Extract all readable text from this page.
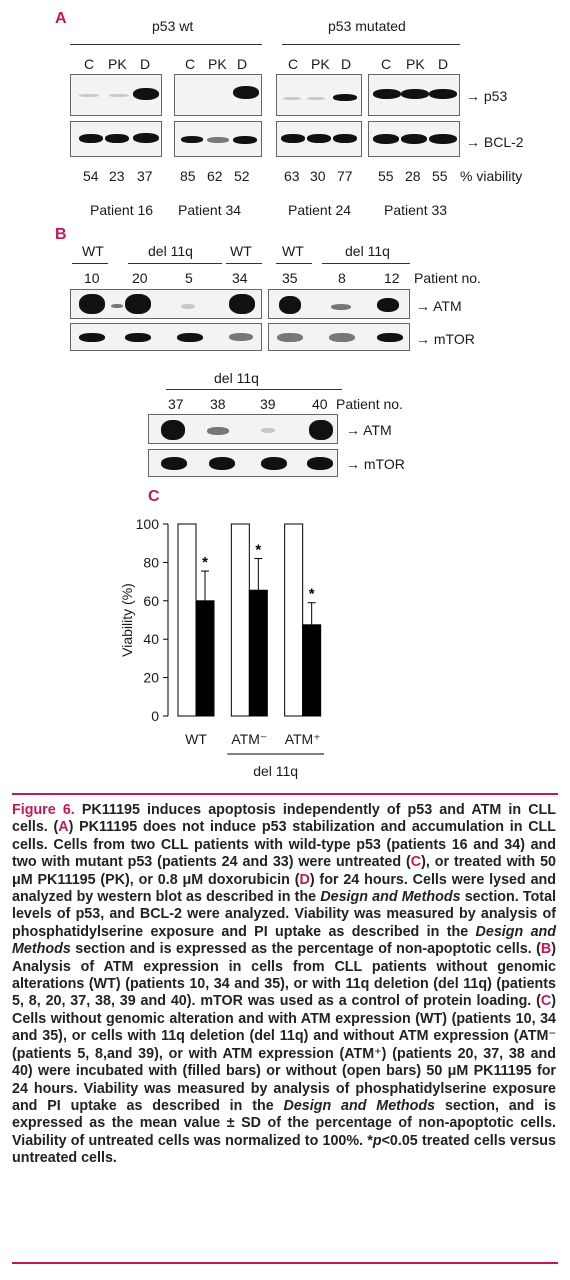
A	p53 wt	p53 mutated
C PK D C PK D	C PK D C PK D
→ p53
→ BCL-2
54 23 37 85 62 52 63 30 77 55 28 55 % viability
Patient 16 Patient 34	Patient 24 Patient 33
B
WT	del 11q	WT WT	del 11q
10 20	5	34 35	8	12 Patient no.
→ ATM
→ mTOR
del 11q
37 38 39	40 Patient no.
→ ATM
→ mTOR
C
0
20
40
60
80
100
Viability (%)
*
WT
*
ATM⁻
*
ATM⁺
del 11q
Figure 6. PK11195 induces apoptosis independently of p53 and ATM in CLL cells. (A) PK11195 does not induce p53 stabilization and accumulation in CLL cells. Cells from two CLL patients with wild-type p53 (patients 16 and 34) and two with mutant p53 (patients 24 and 33) were untreated (C), or treated with 50 μM PK11195 (PK), or 0.8 μM doxorubicin (D) for 24 hours. Cells were lysed and analyzed by western blot as described in the Design and Methods section. Total levels of p53, and BCL-2 were analyzed. Viability was measured by analysis of phosphatidylserine exposure and PI uptake as described in the Design and Methods section and is expressed as the percentage of non-apoptotic cells. (B) Analysis of ATM expression in cells from CLL patients without genomic alterations (WT) (patients 10, 34 and 35), or with 11q deletion (del 11q) (patients 5, 8, 20, 37, 38, 39 and 40). mTOR was used as a control of protein loading. (C) Cells without genomic alteration and with ATM expression (WT) (patients 10, 34 and 35), or cells with 11q deletion (del 11q) and without ATM expression (ATM⁻ (patients 5, 8,and 39), or with ATM expression (ATM⁺) (patients 20, 37, 38 and 40) were incubated with (filled bars) or without (open bars) 50 μM PK11195 for 24 hours. Viability was measured by analysis of phosphatidylserine exposure and PI uptake as described in the Design and Methods section, and is expressed as the mean value ± SD of the percentage of non-apoptotic cells. Viability of untreated cells was normalized to 100%. *p<0.05 treated cells versus untreated cells.
